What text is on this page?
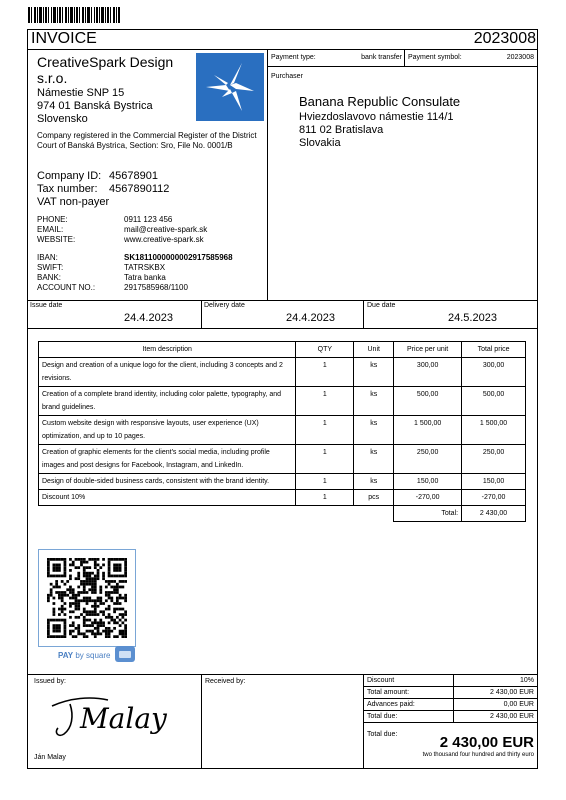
INVOICE	2023008
CreativeSpark Design
s.r.o.
Námestie SNP 15
974 01 Banská Bystrica
Slovensko
Company registered in the Commercial Register of the District Court of Banská Bystrica, Section: Sro, File No. 0001/B
Company ID: 45678901
Tax number: 4567890112
VAT non-payer
PHONE:	0911 123 456
EMAIL:	mail@creative-spark.sk
WEBSITE:	www.creative-spark.sk
IBAN:	SK1811000000002917585968
SWIFT:	TATRSKBX
BANK:	Tatra banka
ACCOUNT NO.:	2917585968/1100
Payment type:	bank transfer Payment symbol:	2023008
Purchaser
Banana Republic Consulate
Hviezdoslavovo námestie 114/1
811 02 Bratislava
Slovakia
Issue date
24.4.2023
Delivery date
24.4.2023
Due date
24.5.2023
Item description	QTY	Unit	Price per unit	Total price
Design and creation of a unique logo for the client, including 3 concepts and 2 revisions.	1	ks	300,00	300,00
Creation of a complete brand identity, including color palette, typography, and brand guidelines.	1	ks	500,00	500,00
Custom website design with responsive layouts, user experience (UX) optimization, and up to 10 pages.	1	ks	1 500,00	1 500,00
Creation of graphic elements for the client's social media, including profile images and post designs for Facebook, Instagram, and LinkedIn.	1	ks	250,00	250,00
Design of double-sided business cards, consistent with the brand identity.	1	ks	150,00	150,00
Discount 10%	1	pcs	-270,00	-270,00
			Total:	2 430,00
PAY by square
Issued by:	Received by:
Malay
Ján Malay
Discount	10%
Total amount:	2 430,00 EUR
Advances paid:	0,00 EUR
Total due:	2 430,00 EUR
Total due:	2 430,00 EUR
two thousand four hundred and thirty euro
